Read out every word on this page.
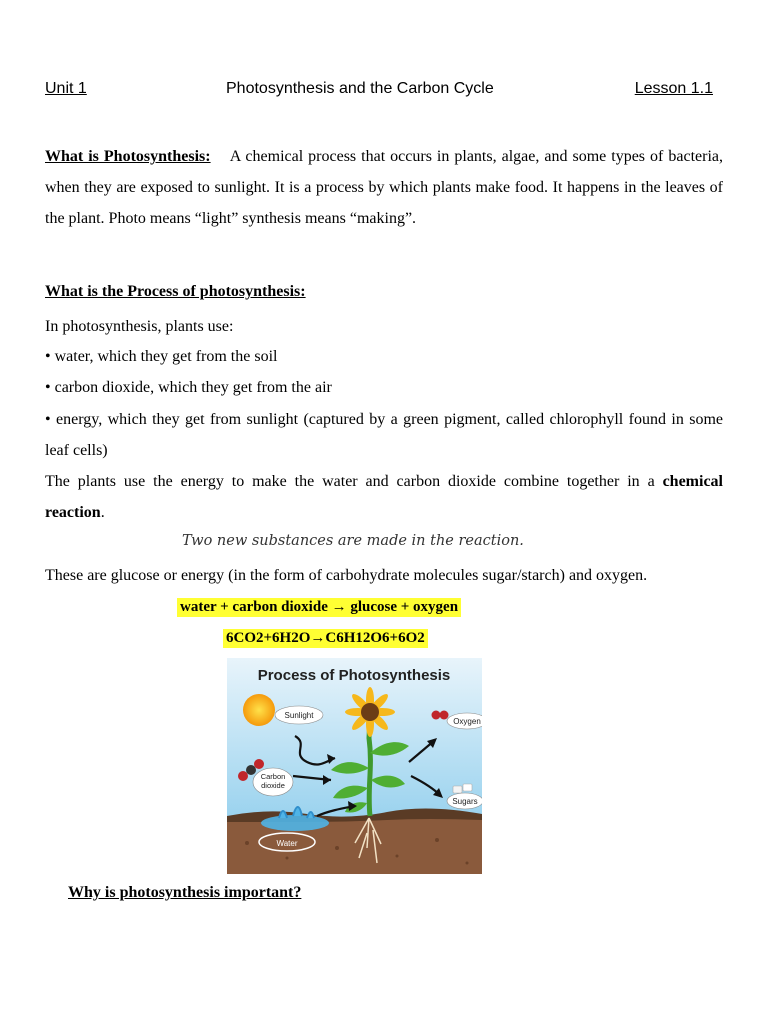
Unit 1	Photosynthesis and the Carbon Cycle	Lesson 1.1
What is Photosynthesis: A chemical process that occurs in plants, algae, and some types of bacteria, when they are exposed to sunlight. It is a process by which plants make food. It happens in the leaves of the plant. Photo means “light” synthesis means “making”.
What is the Process of photosynthesis:
In photosynthesis, plants use:
• water, which they get from the soil
• carbon dioxide, which they get from the air
• energy, which they get from sunlight (captured by a green pigment, called chlorophyll found in some leaf cells)
The plants use the energy to make the water and carbon dioxide combine together in a chemical reaction.
Two new substances are made in the reaction.
These are glucose or energy (in the form of carbohydrate molecules sugar/starch) and oxygen.
water + carbon dioxide → glucose + oxygen
6CO2+6H2O→C6H12O6+6O2
Process of Photosynthesis
Water
Sunlight
Carbon
dioxide
Oxygen
Sugars
Why is photosynthesis important?
